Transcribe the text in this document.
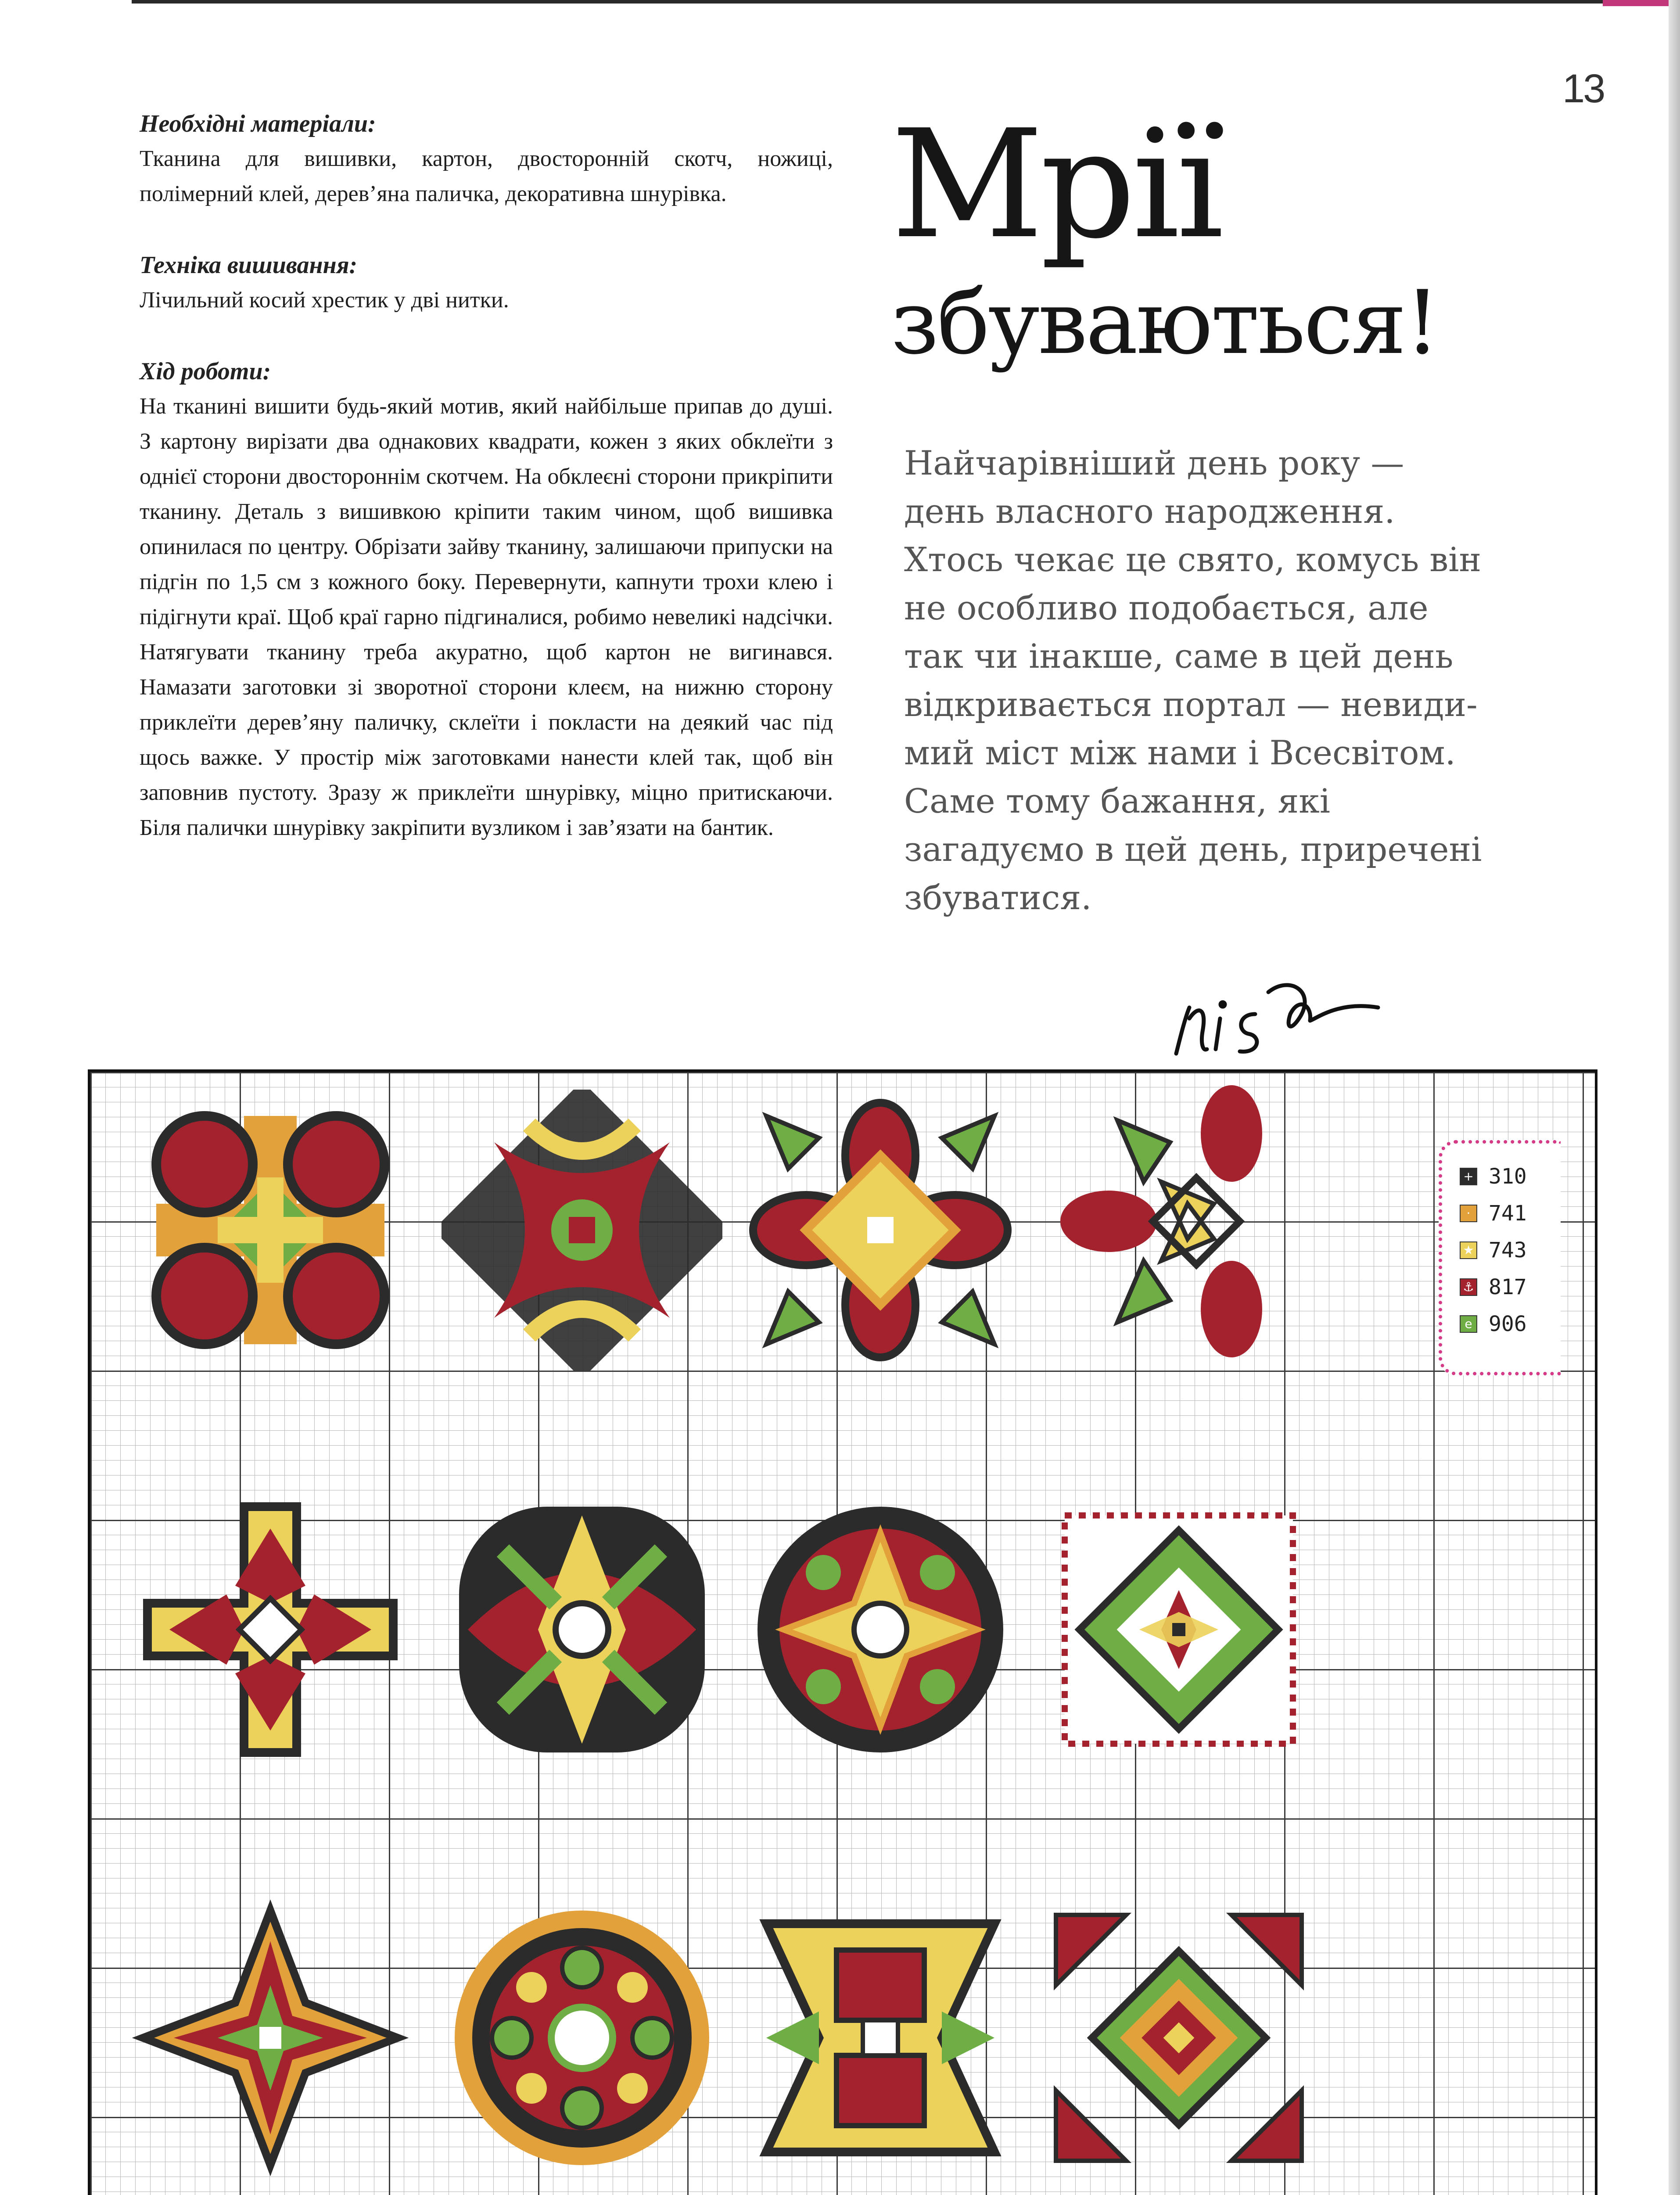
13
Необхідні матеріали:

Тканина для вишивки, картон, двосторонній скотч, ножиці, полімерний клей, дерев’яна паличка, декоративна шнурівка.

Техніка вишивання:

Лічильний косий хрестик у дві нитки.

Хід роботи:

На тканині вишити будь-який мотив, який найбільше припав до душі. З картону вирізати два однакових квадрати, кожен з яких обклеїти з однієї сторони двостороннім скотчем. На обклеєні сторони прикріпити тканину. Деталь з вишивкою кріпити таким чином, щоб вишивка опинилася по центру. Обрізати зайву тканину, залишаючи припуски на підгін по 1,5 см з кожного боку. Перевернути, капнути трохи клею і підігнути краї. Щоб краї гарно підгиналися, робимо невеликі надсічки. Натягувати тканину треба акуратно, щоб картон не вигинався. Намазати заготовки зі зворотної сторони клеєм, на нижню сторону приклеїти дерев’яну паличку, склеїти і покласти на деякий час під щось важке. У простір між заготовками нанести клей так, щоб він заповнив пустоту. Зразу ж приклеїти шнурівку, міцно притискаючи. Біля палички шнурівку закріпити вузликом і зав’язати на бантик.

Мрії
збуваються!
Найчарівніший день року —
день власного народження.
Хтось чекає це свято, комусь він
не особливо подобається, але
так чи інакше, саме в цей день
відкривається портал — невиди-
мий міст між нами і Всесвітом.
Саме тому бажання, які
загадуємо в цей день, приречені
збуватися.
+ 310
· 741
★ 743
⚓ 817
e 906
